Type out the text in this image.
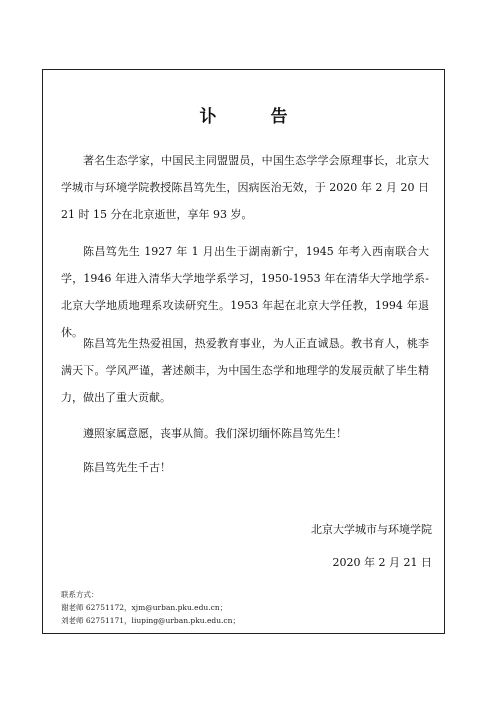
讣 告

著名生态学家，中国民主同盟盟员，中国生态学学会原理事长，北京大学城市与环境学院教授陈昌笃先生，因病医治无效，于 2020 年 2 月 20 日 21 时 15 分在北京逝世，享年 93 岁。

陈昌笃先生 1927 年 1 月出生于湖南新宁，1945 年考入西南联合大学，1946 年进入清华大学地学系学习，1950-1953 年在清华大学地学系-北京大学地质地理系攻读研究生。1953 年起在北京大学任教，1994 年退休。

陈昌笃先生热爱祖国，热爱教育事业，为人正直诚恳。教书育人，桃李满天下。学风严谨，著述颇丰，为中国生态学和地理学的发展贡献了毕生精力，做出了重大贡献。

遵照家属意愿，丧事从简。我们深切缅怀陈昌笃先生！

陈昌笃先生千古！

北京大学城市与环境学院

2020 年 2 月 21 日

联系方式：
谢老师 62751172，xjm@urban.pku.edu.cn；
刘老师 62751171，liuping@urban.pku.edu.cn；
